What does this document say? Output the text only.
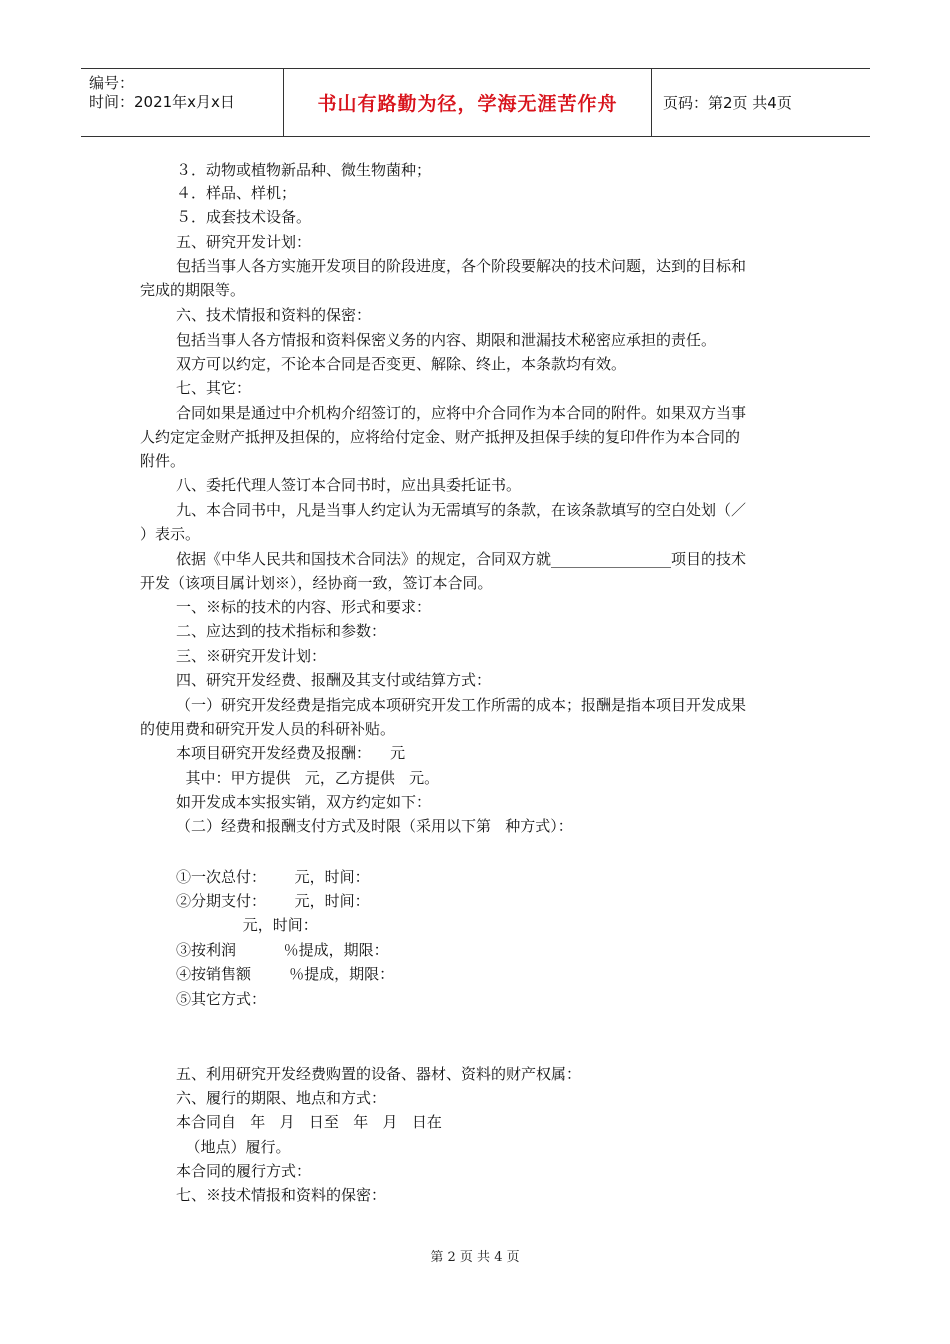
编号：
时间：2021年x月x日	书山有路勤为径，学海无涯苦作舟	页码：第2页 共4页
３．动物或植物新品种、微生物菌种；
４．样品、样机；
５．成套技术设备。
五、研究开发计划：
包括当事人各方实施开发项目的阶段进度，各个阶段要解决的技术问题，达到的目标和
完成的期限等。
六、技术情报和资料的保密：
包括当事人各方情报和资料保密义务的内容、期限和泄漏技术秘密应承担的责任。
双方可以约定，不论本合同是否变更、解除、终止，本条款均有效。
七、其它：
合同如果是通过中介机构介绍签订的，应将中介合同作为本合同的附件。如果双方当事
人约定定金财产抵押及担保的，应将给付定金、财产抵押及担保手续的复印件作为本合同的
附件。
八、委托代理人签订本合同书时，应出具委托证书。
九、本合同书中，凡是当事人约定认为无需填写的条款，在该条款填写的空白处划（／
）表示。
依据《中华人民共和国技术合同法》的规定，合同双方就________________项目的技术
开发（该项目属计划※），经协商一致，签订本合同。
一、※标的技术的内容、形式和要求：
二、应达到的技术指标和参数：
三、※研究开发计划：
四、研究开发经费、报酬及其支付或结算方式：
（一）研究开发经费是指完成本项研究开发工作所需的成本；报酬是指本项目开发成果
的使用费和研究开发人员的科研补贴。
本项目研究开发经费及报酬：    元
其中：甲方提供   元，乙方提供   元。
如开发成本实报实销，双方约定如下：
（二）经费和报酬支付方式及时限（采用以下第   种方式）：
①一次总付：      元，时间：
②分期支付：      元，时间：
元，时间：
③按利润          ％提成，期限：
④按销售额        ％提成，期限：
⑤其它方式：
五、利用研究开发经费购置的设备、器材、资料的财产权属：
六、履行的期限、地点和方式：
本合同自   年   月   日至   年   月   日在
（地点）履行。
本合同的履行方式：
七、※技术情报和资料的保密：
第 2 页 共 4 页
